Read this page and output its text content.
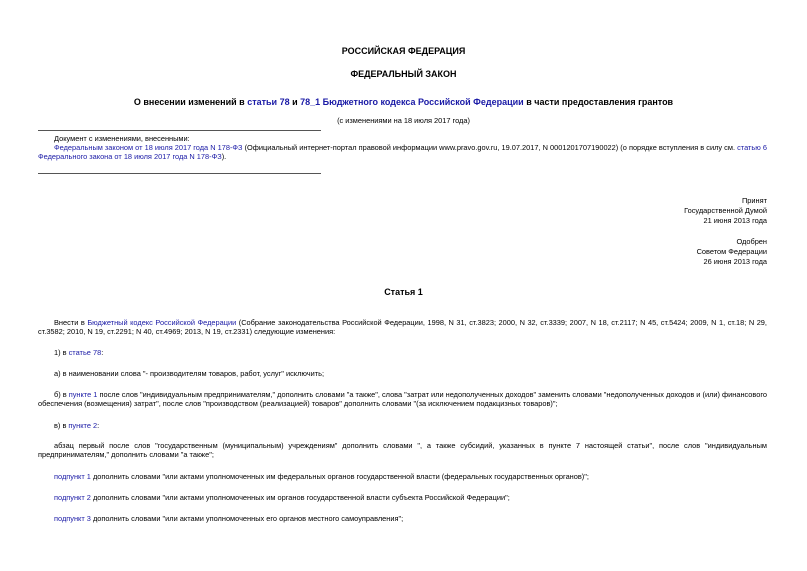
РОССИЙСКАЯ ФЕДЕРАЦИЯ
ФЕДЕРАЛЬНЫЙ ЗАКОН
О внесении изменений в статьи 78 и 78_1 Бюджетного кодекса Российской Федерации в части предоставления грантов
(с изменениями на 18 июля 2017 года)
Документ с изменениями, внесенными:
Федеральным законом от 18 июля 2017 года N 178-ФЗ (Официальный интернет-портал правовой информации www.pravo.gov.ru, 19.07.2017, N 0001201707190022) (о порядке вступления в силу см. статью 6 Федерального закона от 18 июля 2017 года N 178-ФЗ).
Принят
Государственной Думой
21 июня 2013 года
Одобрен
Советом Федерации
26 июня 2013 года
Статья 1
Внести в Бюджетный кодекс Российской Федерации (Собрание законодательства Российской Федерации, 1998, N 31, ст.3823; 2000, N 32, ст.3339; 2007, N 18, ст.2117; N 45, ст.5424; 2009, N 1, ст.18; N 29, ст.3582; 2010, N 19, ст.2291; N 40, ст.4969; 2013, N 19, ст.2331) следующие изменения:
1) в статье 78:
а) в наименовании слова "- производителям товаров, работ, услуг" исключить;
б) в пункте 1 после слов "индивидуальным предпринимателям," дополнить словами "а также", слова "затрат или недополученных доходов" заменить словами "недополученных доходов и (или) финансового обеспечения (возмещения) затрат", после слов "производством (реализацией) товаров" дополнить словами "(за исключением подакцизных товаров)";
в) в пункте 2:
абзац первый после слов "государственным (муниципальным) учреждениям" дополнить словами ", а также субсидий, указанных в пункте 7 настоящей статьи", после слов "индивидуальным предпринимателям," дополнить словами "а также";
подпункт 1 дополнить словами "или актами уполномоченных им федеральных органов государственной власти (федеральных государственных органов)";
подпункт 2 дополнить словами "или актами уполномоченных им органов государственной власти субъекта Российской Федерации";
подпункт 3 дополнить словами "или актами уполномоченных его органов местного самоуправления";
